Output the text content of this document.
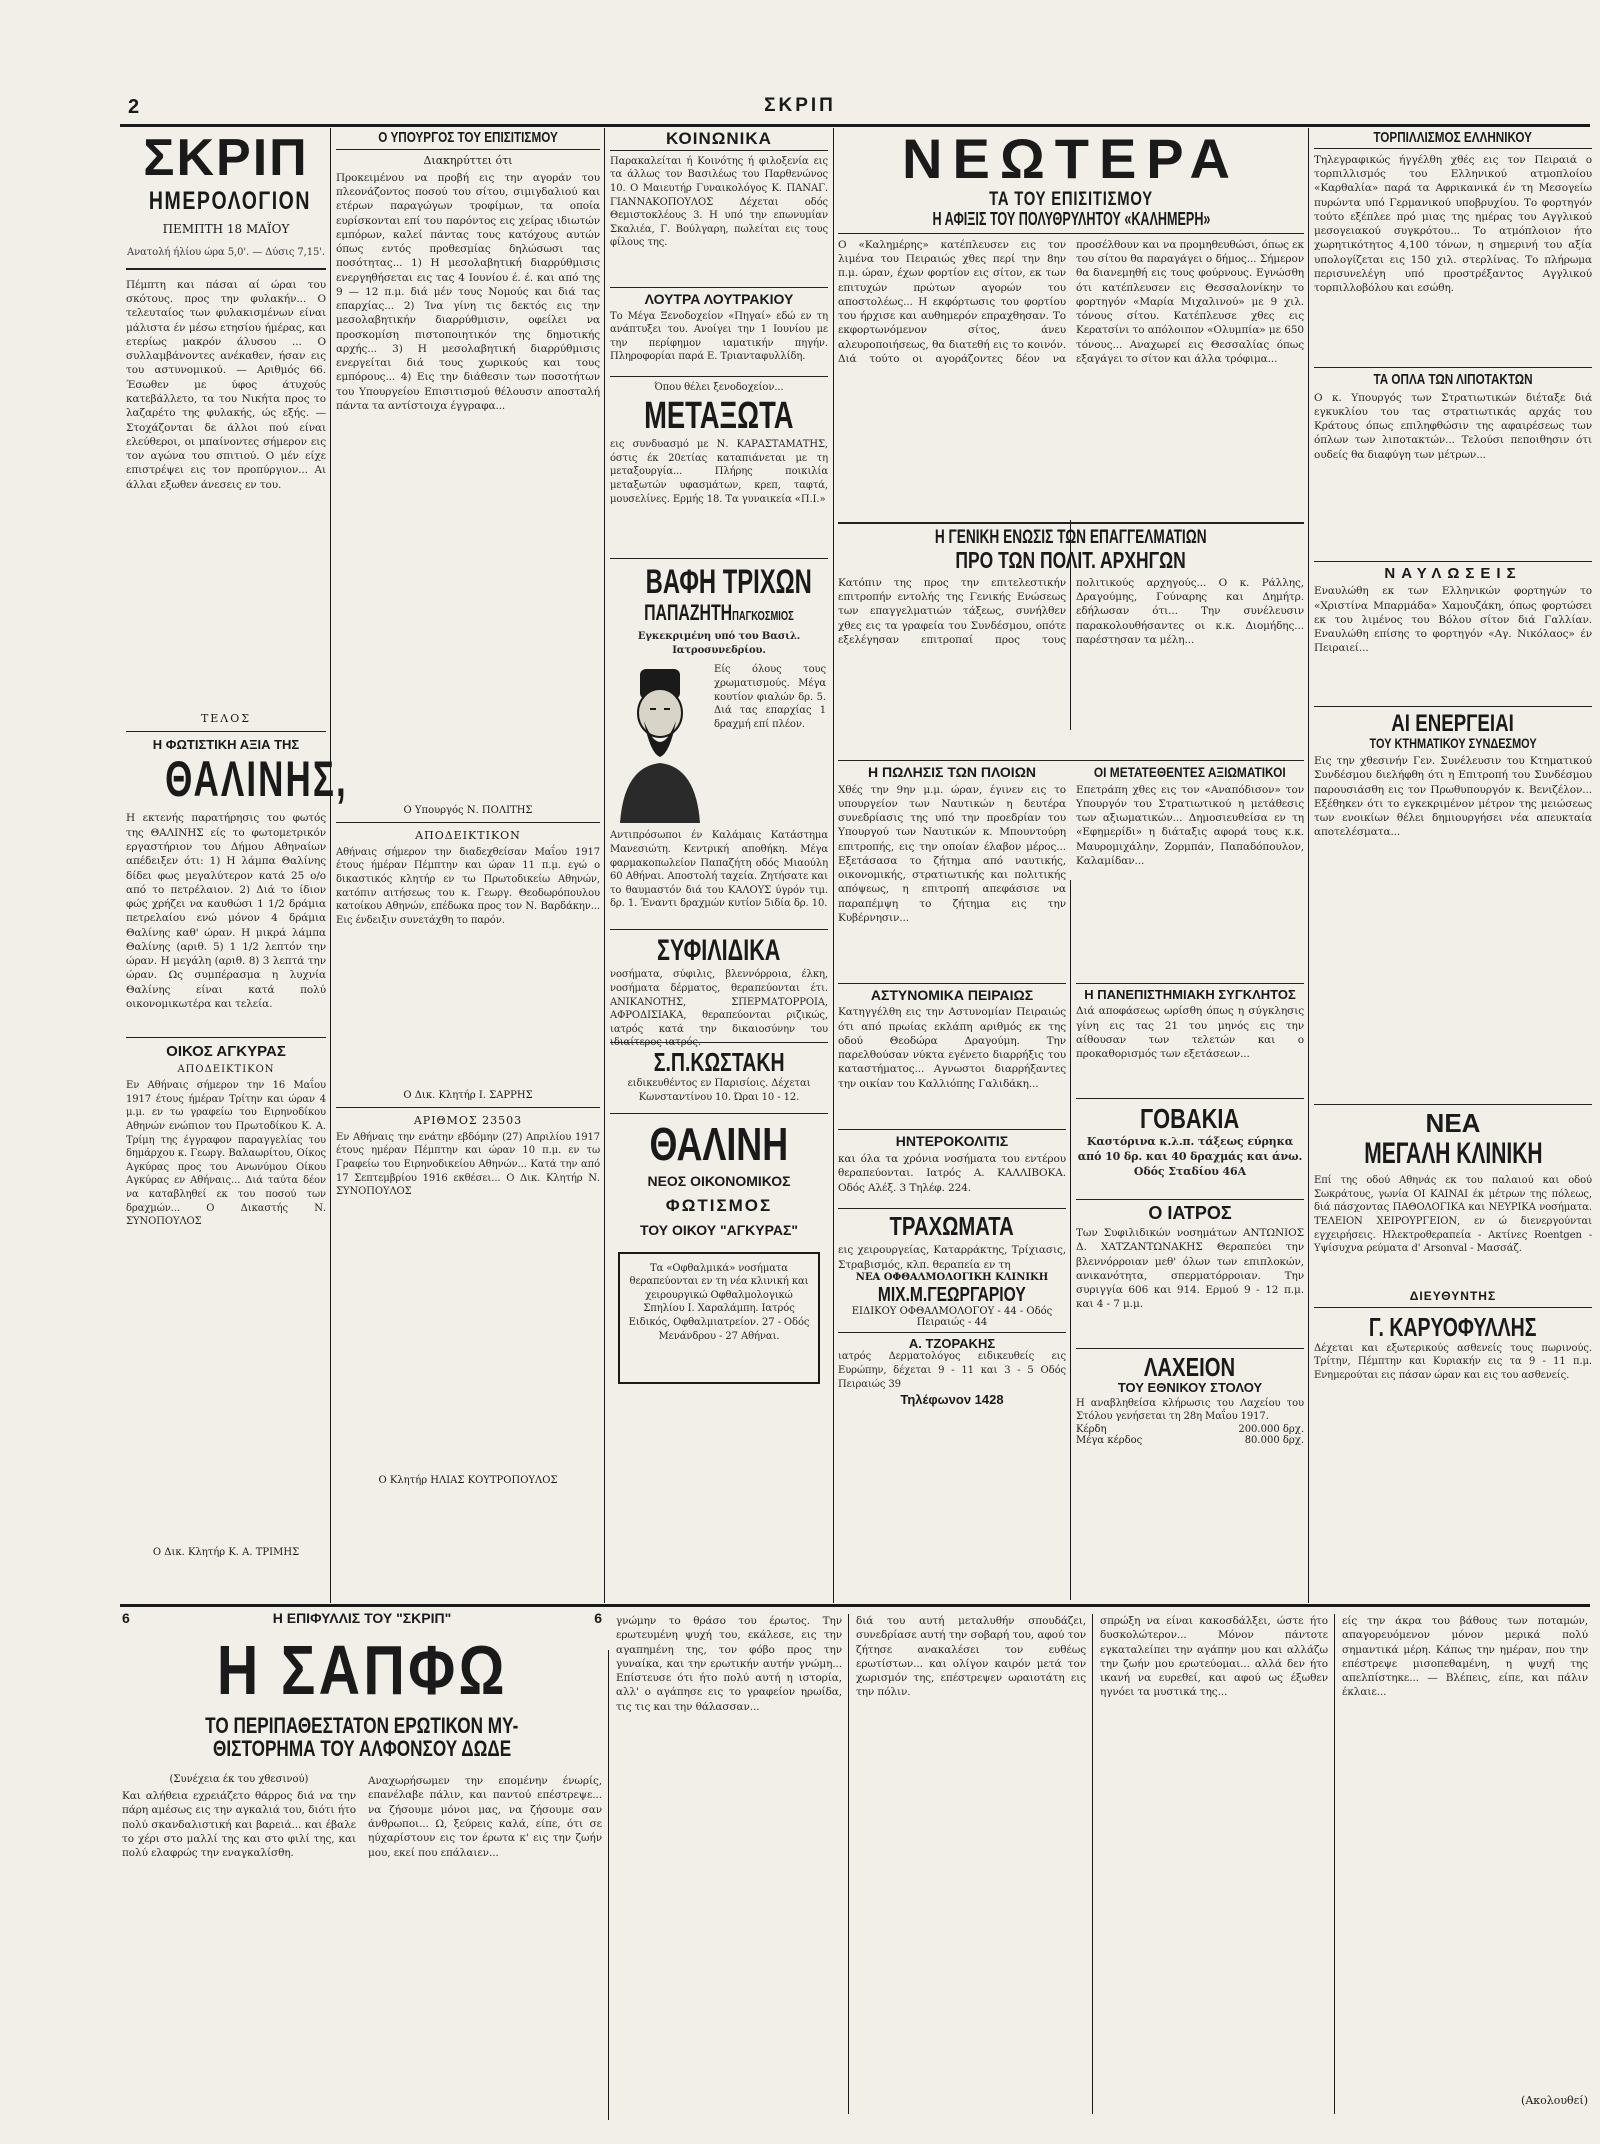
2	ΣΚΡΙΠ
ΣΚΡΙΠ
ΗΜΕΡΟΛΟΓΙΟΝ
ΠΕΜΠΤΗ 18 ΜΑΪΟΥ
Ανατολή ήλίου ώρα 5,0'. — Δύσις 7,15'.
Πέμπτη και πάσαι αί ώραι του σκότους. προς την φυλακήν... Ο τελευταίος των φυλακισμένων είναι μάλιστα έν μέσω ετησίου ήμέρας, και ετερίως μακρόν άλυσου ... Ο συλλαμβάνοντες ανέκαθεν, ήσαν εις του αστυνομικού. — Αριθμός 66. Έσωθεν με ύφος άτυχούς κατεβάλλετο, τα του Νικήτα προς το λαζαρέτο της φυλακής, ώς εξής. — Στοχάζονται δε άλλοι πού είναι ελεύθεροι, οι μπαίνοντες σήμερον εις τον αγώνα του σπιτιού. Ο μέν είχε επιστρέψει εις τον προπύργιον... Αι άλλαι εξωθεν άνεσεις εν του.
ΤΕΛΟΣ
Η ΦΩΤΙΣΤΙΚΗ ΑΞΙΑ ΤΗΣ
ΘΑΛΙΝΗΣ,
Η εκτενής παρατήρησις του φωτός της ΘΑΛΙΝΗΣ είς το φωτομετρικόν εργαστήριον του Δήμου Αθηναίων απέδειξεν ότι: 1) Η λάμπα Θαλίνης δίδει φως μεγαλύτερον κατά 25 ο/ο από το πετρέλαιον. 2) Διά το ίδιον φώς χρήζει να καυθώσι 1 1/2 δράμια πετρελαίου ενώ μόνον 4 δράμια Θαλίνης καθ' ώραν. Η μικρά λάμπα Θαλίνης (αριθ. 5) 1 1/2 λεπτόν την ώραν. Η μεγάλη (αριθ. 8) 3 λεπτά την ώραν. Ως συμπέρασμα η λυχνία Θαλίνης είναι κατά πολύ οικονομικωτέρα και τελεία.
ΟΙΚΟΣ ΑΓΚΥΡΑΣ
ΑΠΟΔΕΙΚΤΙΚΟΝ
Εν Αθήναις σήμερον την 16 Μαΐου 1917 έτους ήμέραν Τρίτην και ώραν 4 μ.μ. εν τω γραφείω του Ειρηνοδίκου Αθηνών ενώπιον του Πρωτοδίκου Κ. Α. Τρίμη της έγγραφον παραγγελίας του δημάρχου κ. Γεωργ. Βαλαωρίτου, Οίκος Αγκύρας προς του Ανωνύμου Οίκου Αγκύρας εν Αθήναις... Διά ταύτα δέον να καταβληθεί εκ του ποσού των δραχμών... Ο Δικαστής Ν. ΣΥΝΟΠΟΥΛΟΣ
Ο Δικ. Κλητήρ Κ. Α. ΤΡΙΜΗΣ
Ο ΥΠΟΥΡΓΟΣ ΤΟΥ ΕΠΙΣΙΤΙΣΜΟΥ
Διακηρύττει ότι
Προκειμένου να προβή εις την αγοράν του πλεονάζοντος ποσού του σίτου, σιμιγδαλιού και ετέρων παραγώγων τροφίμων, τα οποία ευρίσκονται επί του παρόντος εις χείρας ιδιωτών εμπόρων, καλεί πάντας τους κατόχους αυτών όπως εντός προθεσμίας δηλώσωσι τας ποσότητας... 1) Η μεσολαβητική διαρρύθμισις ενεργηθήσεται εις τας 4 Ιουνίου έ. έ. και από της 9 — 12 π.μ. διά μέν τους Νομούς και διά τας επαρχίας... 2) Ίνα γίνη τις δεκτός εις την μεσολαβητικήν διαρρύθμισιν, οφείλει να προσκομίση πιστοποιητικόν της δημοτικής αρχής... 3) Η μεσολαβητική διαρρύθμισις ενεργείται διά τους χωρικούς και τους εμπόρους... 4) Εις την διάθεσιν των ποσοτήτων του Υπουργείου Επισιτισμού θέλουσιν αποσταλή πάντα τα αντίστοιχα έγγραφα...
Ο Υπουργός Ν. ΠΟΛΙΤΗΣ
ΑΠΟΔΕΙΚΤΙΚΟΝ
Αθήναις σήμερον την διαδεχθείσαν Μαΐου 1917 έτους ήμέραν Πέμπτην και ώραν 11 π.μ. εγώ ο δικαστικός κλητήρ εν τω Πρωτοδικείω Αθηνών, κατόπιν αιτήσεως του κ. Γεωργ. Θεοδωρόπουλου κατοίκου Αθηνών, επέδωκα προς τον Ν. Βαρδάκην... Εις ένδειξιν συνετάχθη το παρόν.
Ο Δικ. Κλητήρ Ι. ΣΑΡΡΗΣ
ΑΡΙΘΜΟΣ 23503
Εν Αθήναις την ενάτην εβδόμην (27) Απριλίου 1917 έτους ημέραν Πέμπτην και ώραν 10 π.μ. εν τω Γραφείω του Ειρηνοδικείου Αθηνών... Κατά την από 17 Σεπτεμβρίου 1916 εκθέσει... Ο Δικ. Κλητήρ Ν. ΣΥΝΟΠΟΥΛΟΣ
Ο Κλητήρ ΗΛΙΑΣ ΚΟΥΤΡΟΠΟΥΛΟΣ
ΚΟΙΝΩΝΙΚΑ
Παρακαλείται ή Κοινότης ή φιλοξενία εις τα άλλως τον Βασιλέως του Παρθενώνος 10. Ο Μαιευτήρ Γυναικολόγος Κ. ΠΑΝΑΓ. ΓΙΑΝΝΑΚΟΠΟΥΛΟΣ Δέχεται οδός Θεμιστοκλέους 3. Η υπό την επωνυμίαν Σκαλιέα, Γ. Βούλγαρη, πωλείται εις τους φίλους της.
ΛΟΥΤΡΑ ΛΟΥΤΡΑΚΙΟΥ
Το Μέγα Ξενοδοχείον «Πηγαί» εδώ εν τη ανάπτυξει του. Ανοίγει την 1 Ιουνίου με την περίφημον ιαματικήν πηγήν. Πληροφορίαι παρά Ε. Τριανταφυλλίδη.
Όπου θέλει ξενοδοχείον...
ΜΕΤΑΞΩΤΑ
εις συνδυασμό με Ν. ΚΑΡΑΣΤΑΜΑΤΗΣ, όστις έκ 20ετίας καταπιάνεται με τη μεταξουργία... Πλήρης ποικιλία μεταξωτών υφασμάτων, κρεπ, ταφτά, μουσελίνες. Ερμής 18. Τα γυναικεία «Π.Ι.»
ΒΑΦΗ ΤΡΙΧΩΝ
ΠΑΠΑΖΗΤΗΠΑΓΚΟΣΜΙΟΣ
Εγκεκριμένη υπό του Βασιλ. Ιατροσυνεδρίου.
Είς όλους τους χρωματισμούς. Μέγα κουτίον φιαλών δρ. 5. Διά τας επαρχίας 1 δραχμή επί πλέον.
Αντιπρόσωποι έν Καλάμαις Κατάστημα Μανεσιώτη. Κεντρική αποθήκη. Μέγα φαρμακοπωλείον Παπαζήτη οδός Μιαούλη 60 Αθήναι. Αποστολή ταχεία. Ζητήσατε και το θαυμαστόν διά του ΚΑΛΟΥΣ ύγρόν τιμ. δρ. 1. Έναντι δραχμών κυτίον 5ιδία δρ. 10.
ΣΥΦΙΛΙΔΙΚΑ
νοσήματα, σύφιλις, βλεννόρροια, έλκη, νοσήματα δέρματος, θεραπεύονται έτι. ΑΝΙΚΑΝΟΤΗΣ, ΣΠΕΡΜΑΤΟΡΡΟΙΑ, ΑΦΡΟΔΙΣΙΑΚΑ, θεραπεύονται ριζικώς, ιατρός κατά την δικαιοσύνην του ιδιαίτερος ιατρός.
Σ.Π.ΚΩΣΤΑΚΗ
ειδικευθέντος εν Παρισίοις. Δέχεται Κωνσταντίνου 10. Ώραι 10 - 12.
ΘΑΛΙΝΗ
ΝΕΟΣ ΟΙΚΟΝΟΜΙΚΟΣ
ΦΩΤΙΣΜΟΣ
ΤΟΥ ΟΙΚΟΥ "ΑΓΚΥΡΑΣ"
Τα «Οφθαλμικά» νοσήματα θεραπεύονται εν τη νέα κλινική και χειρουργικώ Οφθαλμολογικώ Σπηλίου Ι. Χαραλάμπη. Ιατρός Ειδικός, Οφθαλμιατρείον. 27 - Οδός Μενάνδρου - 27 Αθήναι.
ΝΕΩΤΕΡΑ
ΤΑ ΤΟΥ ΕΠΙΣΙΤΙΣΜΟΥ
Η ΑΦΙΞΙΣ ΤΟΥ ΠΟΛΥΘΡΥΛΗΤΟΥ «ΚΑΛΗΜΕΡΗ»
Ο «Καλημέρης» κατέπλευσεν εις τον λιμένα του Πειραιώς χθες περί την 8ην π.μ. ώραν, έχων φορτίον εις σίτον, εκ των επιτυχών πρώτων αγορών του αποστολέως... Η εκφόρτωσις του φορτίου του ήρχισε και αυθημερόν επραχθησαν. Το εκφορτωνόμενον σίτος, άνευ αλευροποιήσεως, θα διατεθή εις το κοινόν. Διά τούτο οι αγοράζοντες δέον να προσέλθουν και να προμηθευθώσι, όπως εκ του σίτου θα παραγάγει ο δήμος... Σήμερον θα διανεμηθή εις τους φούρνους. Εγνώσθη ότι κατέπλευσεν εις Θεσσαλονίκην το φορτηγόν «Μαρία Μιχαλινού» με 9 χιλ. τόνους σίτου. Κατέπλευσε χθες εις Κερατσίνι το απόλοιπον «Ολυμπία» με 650 τόνους... Αναχωρεί εις Θεσσαλίας όπως εξαγάγει το σίτον και άλλα τρόφιμα...
Η ΓΕΝΙΚΗ ΕΝΩΣΙΣ ΤΩΝ ΕΠΑΓΓΕΛΜΑΤΙΩΝ
ΠΡΟ ΤΩΝ ΠΟΛΙΤ. ΑΡΧΗΓΩΝ
Κατόπιν της προς την επιτελεστικήν επιτροπήν εντολής της Γενικής Ενώσεως των επαγγελματιών τάξεως, συνήλθεν χθες εις τα γραφεία του Συνδέσμου, οπότε εξελέγησαν επιτροπαί προς τους πολιτικούς αρχηγούς... Ο κ. Ράλλης, Δραγούμης, Γούναρης και Δημήτρ. εδήλωσαν ότι... Την συνέλευσιν παρακολουθήσαντες οι κ.κ. Διομήδης... παρέστησαν τα μέλη...
Η ΠΩΛΗΣΙΣ ΤΩΝ ΠΛΟΙΩΝ
Χθές την 9ην μ.μ. ώραν, έγινεν εις το υπουργείον των Ναυτικών η δευτέρα συνεδρίασις της υπό την προεδρίαν του Υπουργού των Ναυτικών κ. Μπουντούρη επιτροπής, εις την οποίαν έλαβον μέρος... Εξετάσασα το ζήτημα από ναυτικής, οικονομικής, στρατιωτικής και πολιτικής απόψεως, η επιτροπή απεφάσισε να παραπέμψη το ζήτημα εις την Κυβέρνησιν...
ΑΣΤΥΝΟΜΙΚΑ ΠΕΙΡΑΙΩΣ
Κατηγγέλθη εις την Αστυνομίαν Πειραιώς ότι από πρωίας εκλάπη αριθμός εκ της οδού Θεοδώρα Δραγούμη. Την παρελθούσαν νύκτα εγένετο διαρρήξις του καταστήματος... Αγνωστοι διαρρήξαντες την οικίαν του Καλλιόπης Γαλιδάκη...
ΗΝΤΕΡΟΚΟΛΙΤΙΣ
και όλα τα χρόνια νοσήματα του εντέρου θεραπεύονται. Ιατρός Α. ΚΑΛΛΙΒΟΚΑ. Οδός Αλέξ. 3 Τηλέφ. 224.
ΤΡΑΧΩΜΑΤΑ
εις χειρουργείας, Καταρράκτης, Τρίχιασις, Στραβισμός, κλπ. θεραπεία εν τη
ΝΕΑ ΟΦΘΑΛΜΟΛΟΓΙΚΗ ΚΛΙΝΙΚΗ
ΜΙΧ.Μ.ΓΕΩΡΓΑΡΙΟΥ
ΕΙΔΙΚΟΥ ΟΦΘΑΛΜΟΛΟΓΟΥ - 44 - Οδός Πειραιώς - 44
Α. ΤΖΟΡΑΚΗΣ
ιατρός Δερματολόγος ειδικευθείς εις Ευρώπην, δέχεται 9 - 11 και 3 - 5 Οδός Πειραιώς 39
Τηλέφωνον 1428
ΟΙ ΜΕΤΑΤΕΘΕΝΤΕΣ ΑΞΙΩΜΑΤΙΚΟΙ
Επετράπη χθες εις τον «Αναπόδισον» τον Υπουργόν του Στρατιωτικού η μετάθεσις των αξιωματικών... Δημοσιευθείσα εν τη «Εφημερίδι» η διάταξις αφορά τους κ.κ. Μαυρομιχάλην, Ζορμπάν, Παπαδόπουλον, Καλαμίδαν...
Η ΠΑΝΕΠΙΣΤΗΜΙΑΚΗ ΣΥΓΚΛΗΤΟΣ
Διά αποφάσεως ωρίσθη όπως η σύγκλησις γίνη εις τας 21 του μηνός εις την αίθουσαν των τελετών και ο προκαθορισμός των εξετάσεων...
ΓΟΒΑΚΙΑ
Καστόρινα κ.λ.π. τάξεως εύρηκα από 10 δρ. και 40 δραχμάς και άνω. Οδός Σταδίου 46Α
Ο ΙΑΤΡΟΣ
Των Συφιλιδικών νοσημάτων ΑΝΤΩΝΙΟΣ Δ. ΧΑΤΖΑΝΤΩΝΑΚΗΣ Θεραπεύει την βλεννόρροιαν μεθ' όλων των επιπλοκών, ανικανότητα, σπερματόρροιαν. Την συριγγία 606 και 914. Ερμού 9 - 12 π.μ. και 4 - 7 μ.μ.
ΛΑΧΕΙΟΝ
ΤΟΥ ΕΘΝΙΚΟΥ ΣΤΟΛΟΥ
Η αναβληθείσα κλήρωσις του Λαχείου του Στόλου γενήσεται τη 28η Μαΐου 1917.
Κέρδη	200.000 δρχ.
Μέγα κέρδος	80.000 δρχ.
ΤΟΡΠΙΛΛΙΣΜΟΣ ΕΛΛΗΝΙΚΟΥ
Τηλεγραφικώς ήγγέλθη χθές εις τον Πειραιά ο τορπιλλισμός του Ελληνικού ατμοπλοίου «Καρθαλία» παρά τα Αφρικανικά έν τη Μεσογείω πυρώντα υπό Γερμανικού υποβρυχίου. Το φορτηγόν τούτο εξέπλεε πρό μιας της ημέρας του Αγγλικού μεσογειακού συγκρότου... Το ατμόπλοιον ήτο χωρητικότητος 4,100 τόνων, η σημερινή του αξία υπολογίζεται εις 150 χιλ. στερλίνας. Το πλήρωμα περισυνελέγη υπό προστρέξαντος Αγγλικού τορπιλλοβόλου και εσώθη.
ΤΑ ΟΠΛΑ ΤΩΝ ΛΙΠΟΤΑΚΤΩΝ
Ο κ. Υπουργός των Στρατιωτικών διέταξε διά εγκυκλίου του τας στρατιωτικάς αρχάς του Κράτους όπως επιληφθώσιν της αφαιρέσεως των όπλων των λιποτακτών... Τελούσι πεποιθησιν ότι ουδείς θα διαφύγη των μέτρων...
ΝΑΥΛΩΣΕΙΣ
Εναυλώθη εκ των Ελληνικών φορτηγών το «Χριστίνα Μπαρμάδα» Χαμουζάκη, όπως φορτώσει εκ του λιμένος του Βόλου σίτον διά Γαλλίαν. Εναυλώθη επίσης το φορτηγόν «Αγ. Νικόλαος» έν Πειραιεί...
ΑΙ ΕΝΕΡΓΕΙΑΙ
ΤΟΥ ΚΤΗΜΑΤΙΚΟΥ ΣΥΝΔΕΣΜΟΥ
Εις την χθεσινήν Γεν. Συνέλευσιν του Κτηματικού Συνδέσμου διελήφθη ότι η Επιτροπή του Συνδέσμου παρουσιάσθη εις τον Πρωθυπουργόν κ. Βενιζέλον... Εξέθηκεν ότι το εγκεκριμένον μέτρον της μειώσεως των ενοικίων θέλει δημιουργήσει νέα απευκταία αποτελέσματα...
ΝΕΑ
ΜΕΓΑΛΗ ΚΛΙΝΙΚΗ
Επί της οδού Αθηνάς εκ του παλαιού και οδού Σωκράτους, γωνία ΟΙ ΚΑΙΝΑΙ έκ μέτρων της πόλεως, διά πάσχοντας ΠΑΘΟΛΟΓΙΚΑ και ΝΕΥΡΙΚΑ νοσήματα. ΤΕΛΕΙΟΝ ΧΕΙΡΟΥΡΓΕΙΟΝ, εν ώ διενεργούνται εγχειρήσεις. Ηλεκτροθεραπεία - Ακτίνες Roentgen - Υψίσυχνα ρεύματα d' Arsonval - Μασσάζ.
ΔΙΕΥΘΥΝΤΗΣ
Γ. ΚΑΡΥΟΦΥΛΛΗΣ
Δέχεται και εξωτερικούς ασθενείς τους πωρινούς. Τρίτην, Πέμπτην και Κυριακήν εις τα 9 - 11 π.μ. Ενημερούται εις πάσαν ώραν και εις του ασθενείς.
6	Η ΕΠΙΦΥΛΛΙΣ ΤΟΥ "ΣΚΡΙΠ"	6
Η ΣΑΠΦΩ
ΤΟ ΠΕΡΙΠΑΘΕΣΤΑΤΟΝ ΕΡΩΤΙΚΟΝ ΜΥ-
ΘΙΣΤΟΡΗΜΑ ΤΟΥ ΑΛΦΟΝΣΟΥ ΔΩΔΕ
(Συνέχεια έκ του χθεσινού)
Και αλήθεια εχρειάζετο θάρρος διά να την πάρη αμέσως εις την αγκαλιά του, διότι ήτο πολύ σκανδαλιστική και βαρειά... και έβαλε το χέρι στο μαλλί της και στο φιλί της, και πολύ ελαφρώς την εναγκαλίσθη.
Αναχωρήσωμεν την επομένην ένωρίς, επανέλαβε πάλιν, και παντού επέστρεψε... να ζήσουμε μόνοι μας, να ζήσουμε σαν άνθρωποι... Ω, ξεύρεις καλά, είπε, ότι σε ηύχαρίστουν εις τον έρωτα κ' εις την ζωήν μου, εκεί που επάλαιεν...
γνώμην το θράσο του έρωτος. Την ερωτευμένη ψυχή του, εκάλεσε, εις την αγαπημένη της, τον φόβο προς την γυναίκα, και την ερωτικήν αυτήν γνώμη... Επίστευσε ότι ήτο πολύ αυτή η ιστορία, αλλ' ο αγάπησε εις το γραφείον ηρωίδα, τις τις και την θάλασσαν...
διά του αυτή μεταλυθήν σπουδάζει, συνεδρίασε αυτή την σοβαρή του, αφού τον ζήτησε ανακαλέσει τον ευθέως ερωτίστων... και ολίγον καιρόν μετά τον χωρισμόν της, επέστρεψεν ωραιοτάτη εις την πόλιν.
σπρώξη να είναι κακοσδάλξει, ώστε ήτο δυσκολώτερον... Μόνον πάντοτε εγκαταλείπει την αγάπην μου και αλλάζω την ζωήν μου ερωτεύομαι... αλλά δεν ήτο ικανή να ευρεθεί, και αφού ως έξωθεν ηγνόει τα μυστικά της...
είς την άκρα του βάθους των ποταμών, απαγορευόμενον μόνον μερικά πολύ σημαντικά μέρη. Κάπως την ημέραν, που την επέστρεψε μισοπεθαμένη, η ψυχή της απελπίστηκε... — Βλέπεις, είπε, και πάλιν έκλαιε...
(Ακολουθεί)
